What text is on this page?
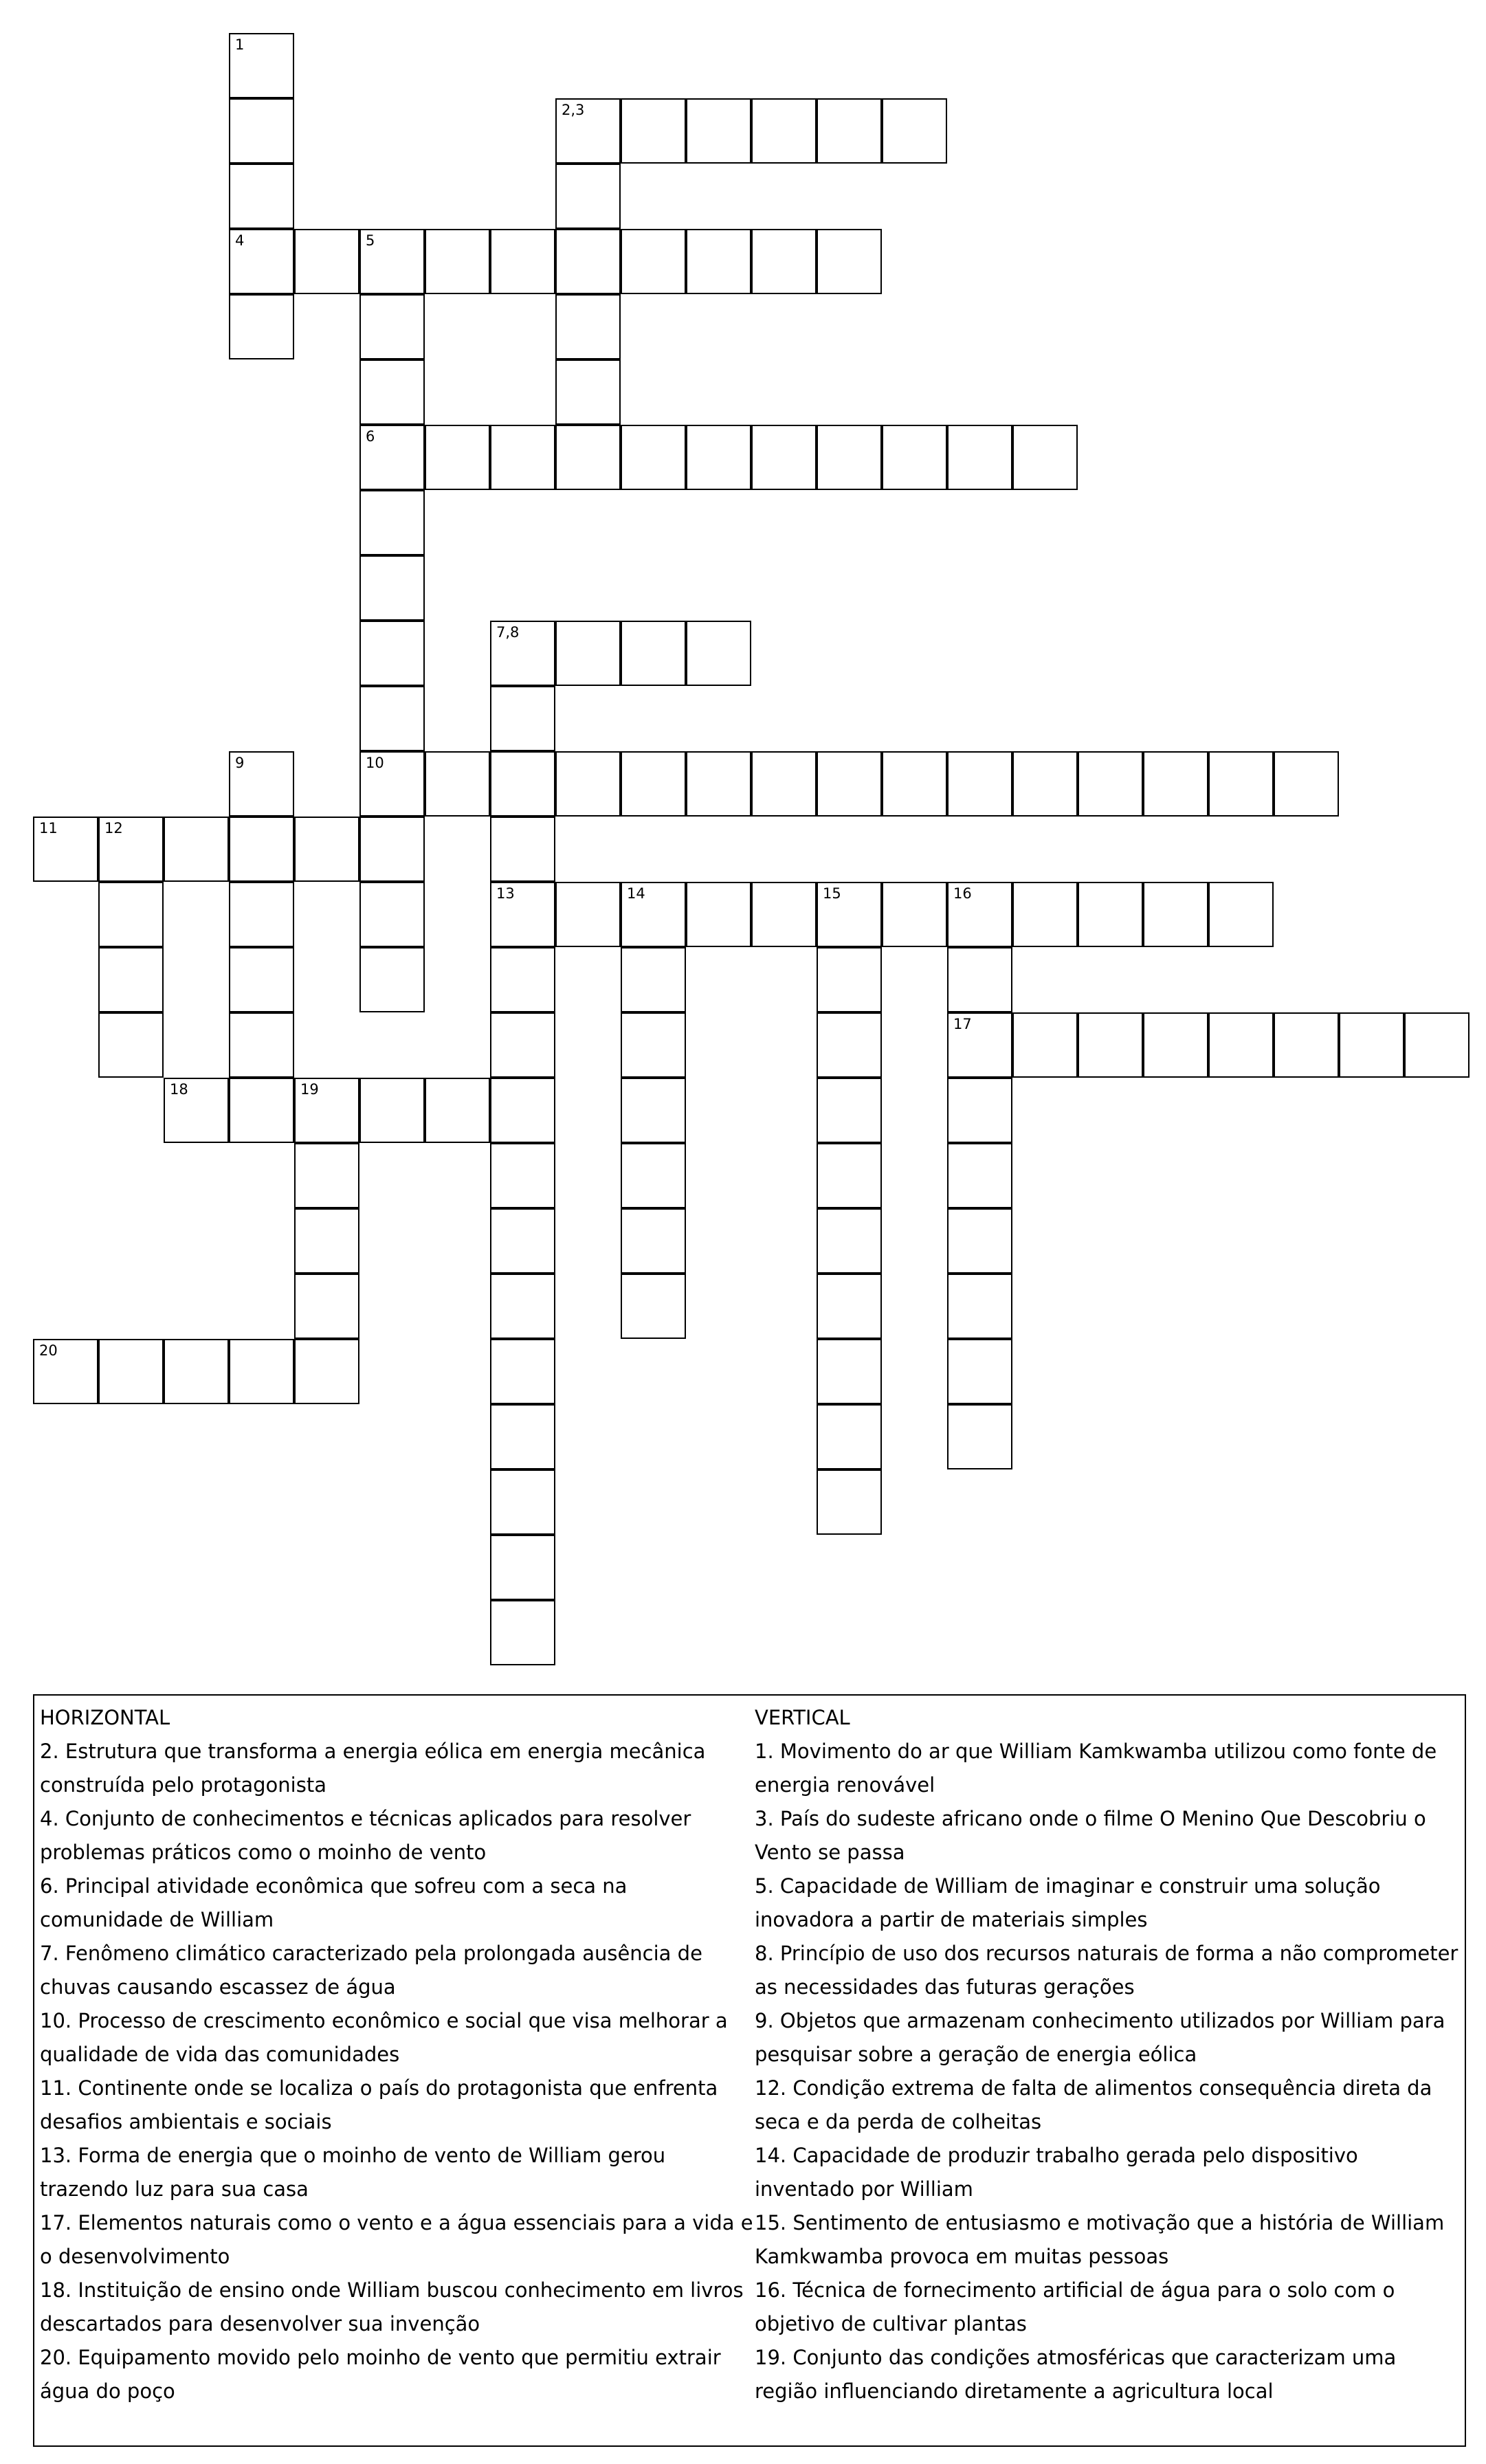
1
4
2,3
5
6
10
7,8
9
11	12
13	14	15	16
17
18	19
20
HORIZONTAL
2. Estrutura que transforma a energia eólica em energia mecânica construída pelo protagonista
4. Conjunto de conhecimentos e técnicas aplicados para resolver problemas práticos como o moinho de vento
6. Principal atividade econômica que sofreu com a seca na comunidade de William
7. Fenômeno climático caracterizado pela prolongada ausência de chuvas causando escassez de água
10. Processo de crescimento econômico e social que visa melhorar a qualidade de vida das comunidades
11. Continente onde se localiza o país do protagonista que enfrenta desafios ambientais e sociais
13. Forma de energia que o moinho de vento de William gerou trazendo luz para sua casa
17. Elementos naturais como o vento e a água essenciais para a vida e o desenvolvimento
18. Instituição de ensino onde William buscou conhecimento em livros descartados para desenvolver sua invenção
20. Equipamento movido pelo moinho de vento que permitiu extrair água do poço
VERTICAL
1. Movimento do ar que William Kamkwamba utilizou como fonte de energia renovável
3. País do sudeste africano onde o filme O Menino Que Descobriu o Vento se passa
5. Capacidade de William de imaginar e construir uma solução inovadora a partir de materiais simples
8. Princípio de uso dos recursos naturais de forma a não comprometer as necessidades das futuras gerações
9. Objetos que armazenam conhecimento utilizados por William para pesquisar sobre a geração de energia eólica
12. Condição extrema de falta de alimentos consequência direta da seca e da perda de colheitas
14. Capacidade de produzir trabalho gerada pelo dispositivo inventado por William
15. Sentimento de entusiasmo e motivação que a história de William Kamkwamba provoca em muitas pessoas
16. Técnica de fornecimento artificial de água para o solo com o objetivo de cultivar plantas
19. Conjunto das condições atmosféricas que caracterizam uma região influenciando diretamente a agricultura local
